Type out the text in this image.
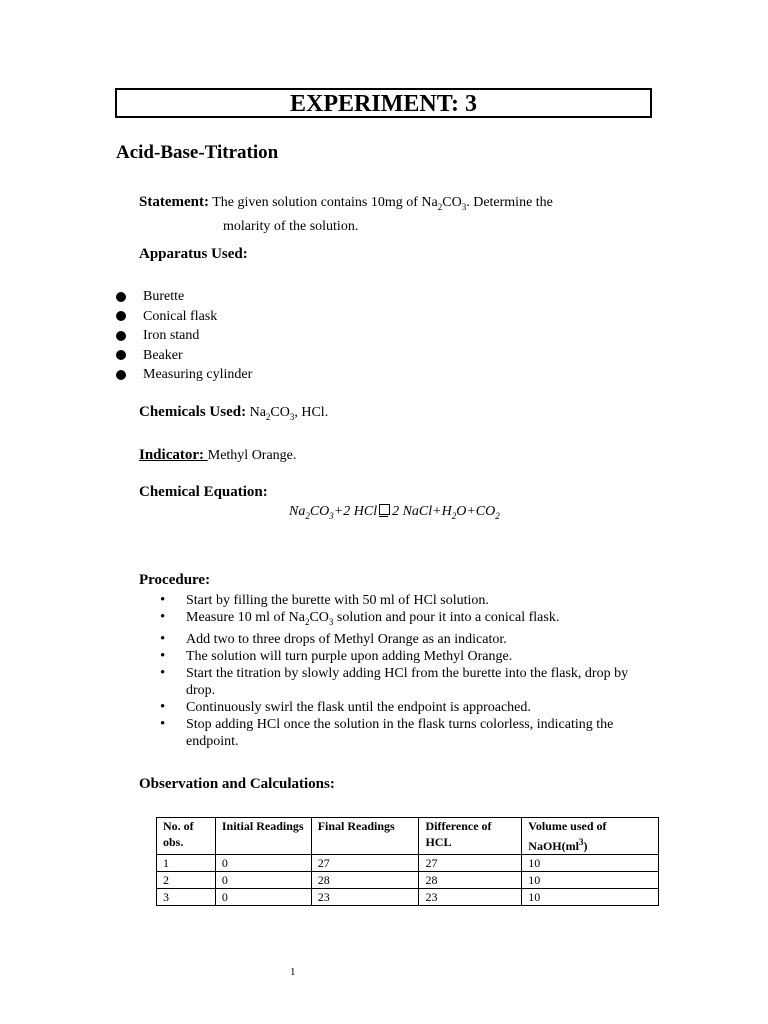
EXPERIMENT: 3
Acid-Base-Titration
Statement: The given solution contains 10mg of $Na_2CO_3$. Determine the
molarity of the solution.
Apparatus Used:
Burette
Conical flask
Iron stand
Beaker
Measuring cylinder
Chemicals Used: $Na_2CO_3$, HCl.
Indicator: Methyl Orange.
Chemical Equation:
$Na_2CO_3+2$ HCl 2 $NaCl+H_2O+CO_2$
Procedure:
• Start by filling the burette with 50 ml of HCl solution.
• Measure 10 ml of $Na_2CO_3$ solution and pour it into a conical flask.
• Add two to three drops of Methyl Orange as an indicator.
• The solution will turn purple upon adding Methyl Orange.
• Start the titration by slowly adding HCl from the burette into the flask, drop by drop.
• Continuously swirl the flask until the endpoint is approached.
• Stop adding HCl once the solution in the flask turns colorless, indicating the endpoint.
Observation and Calculations:
No. of obs.	Initial Readings	Final Readings	Difference of HCL	Volume used of $NaOH(ml^3)$
1	0	27	27	10
2	0	28	28	10
3	0	23	23	10
1
